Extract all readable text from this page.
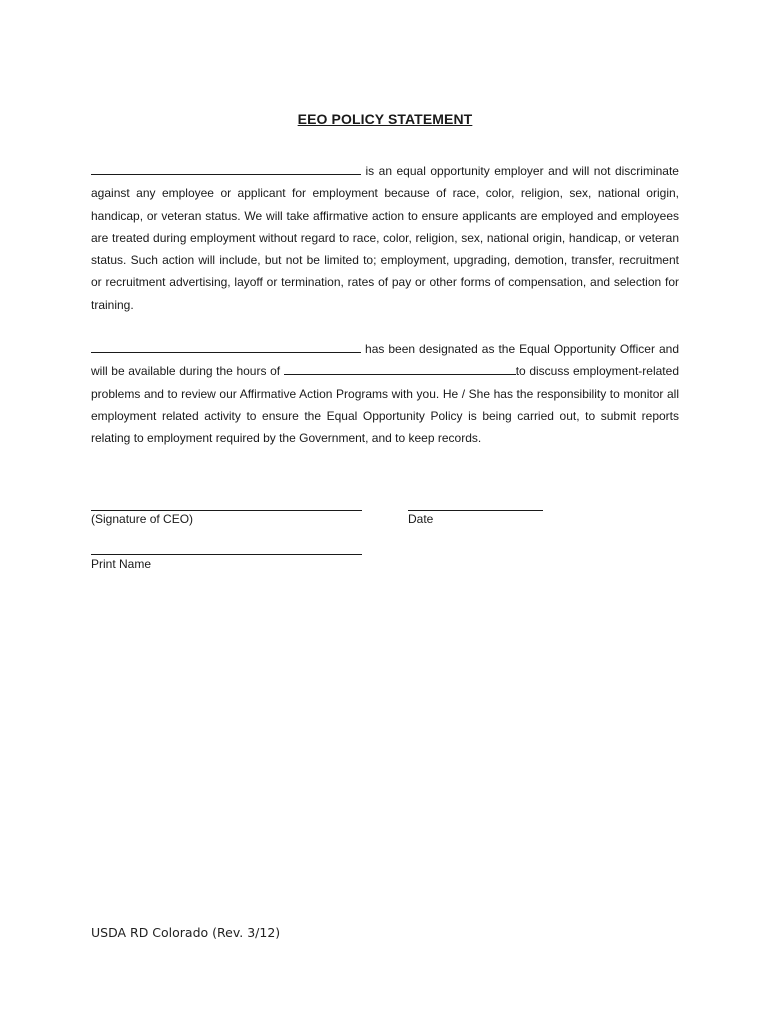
EEO POLICY STATEMENT

is an equal opportunity employer and will not discriminate against any employee or applicant for employment because of race, color, religion, sex, national origin, handicap, or veteran status. We will take affirmative action to ensure applicants are employed and employees are treated during employment without regard to race, color, religion, sex, national origin, handicap, or veteran status. Such action will include, but not be limited to; employment, upgrading, demotion, transfer, recruitment or recruitment advertising, layoff or termination, rates of pay or other forms of compensation, and selection for training.

has been designated as the Equal Opportunity Officer and will be available during the hours of	to discuss employment-related problems and to review our Affirmative Action Programs with you. He / She has the responsibility to monitor all employment related activity to ensure the Equal Opportunity Policy is being carried out, to submit reports relating to employment required by the Government, and to keep records.

(Signature of CEO)	Date
Print Name
USDA RD Colorado (Rev. 3/12)
